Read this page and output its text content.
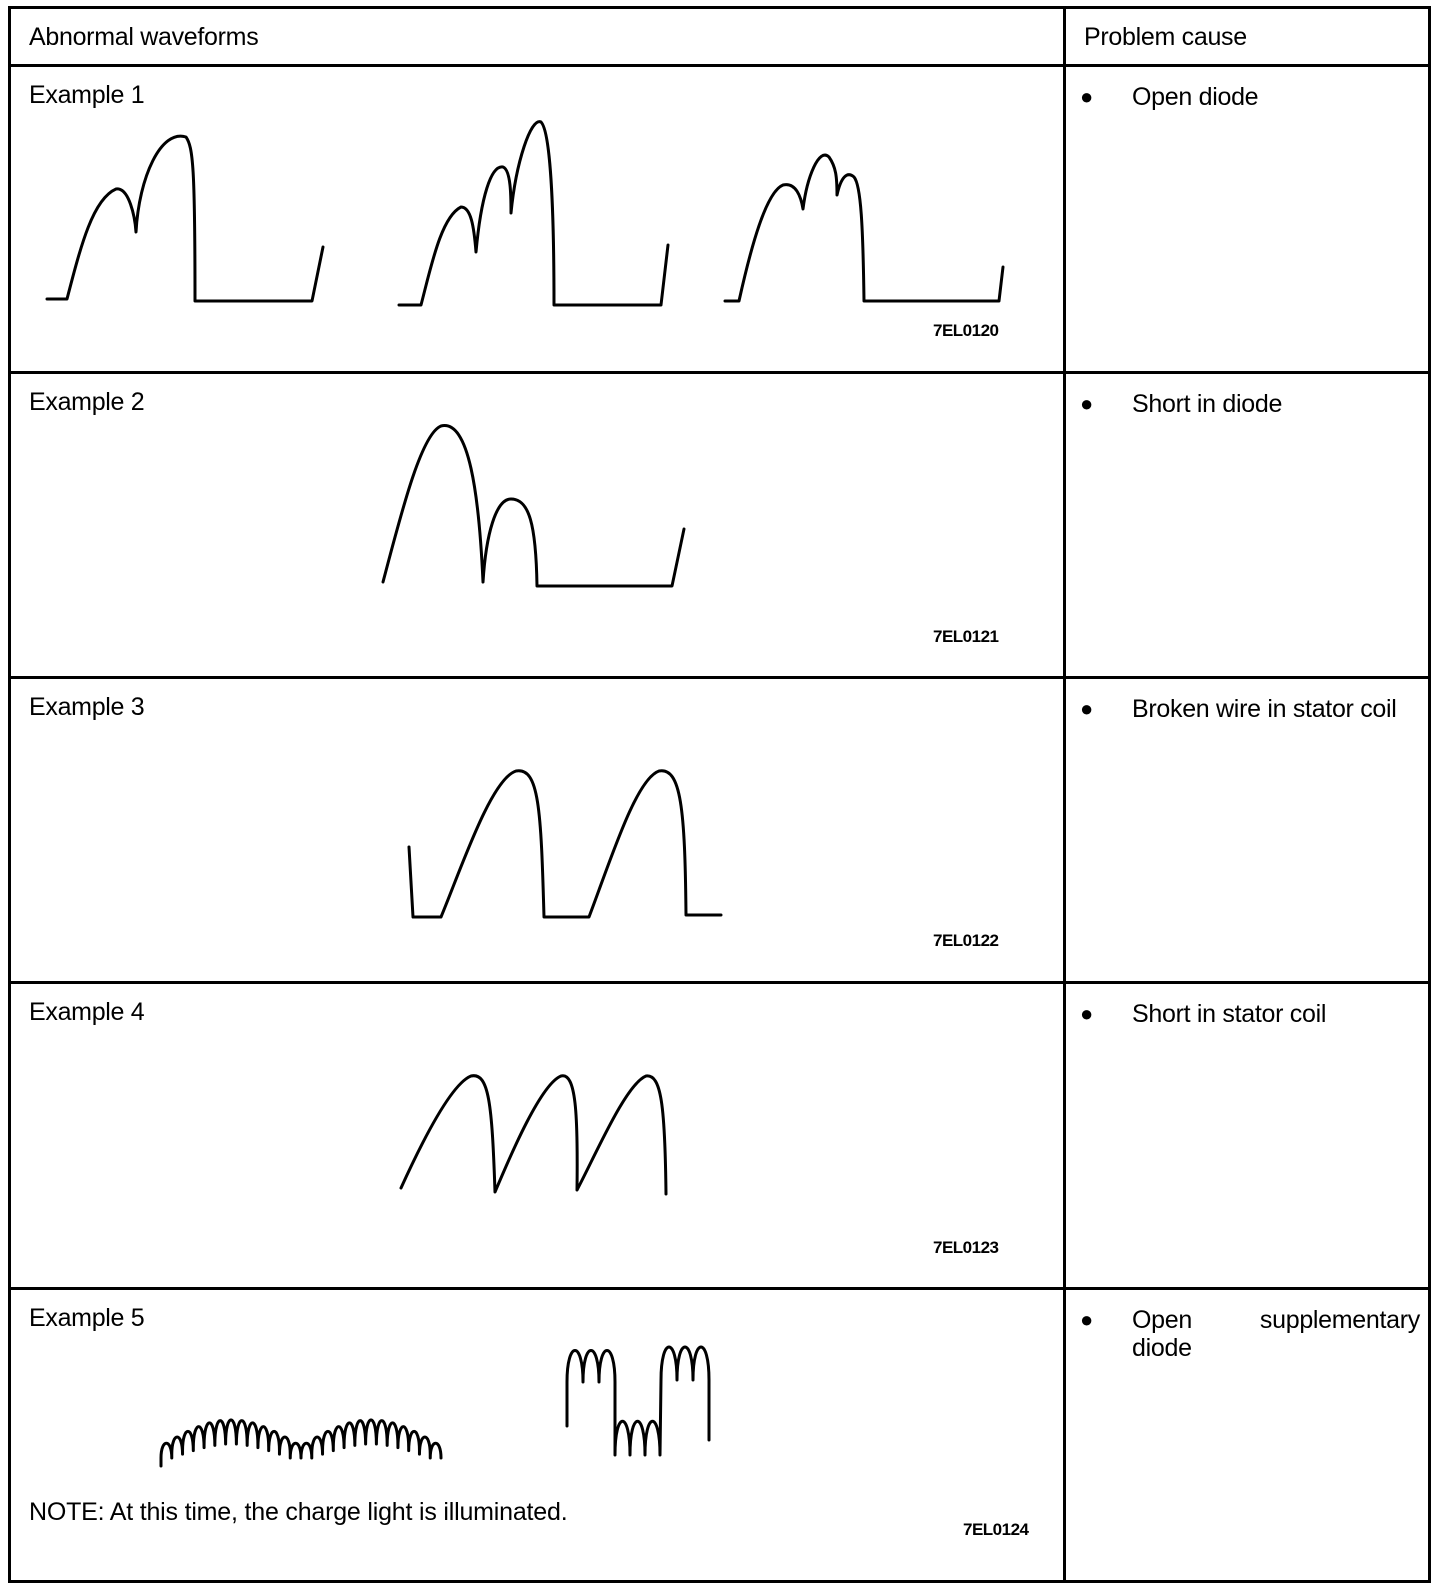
Abnormal waveforms	Problem cause

Example 1
7EL0120	● Open diode

Example 2
7EL0121	● Short in diode

Example 3
7EL0122	● Broken wire in stator coil

Example 4
7EL0123	● Short in stator coil

Example 5
NOTE: At this time, the charge light is illuminated.
7EL0124	● Open supplementary diode
